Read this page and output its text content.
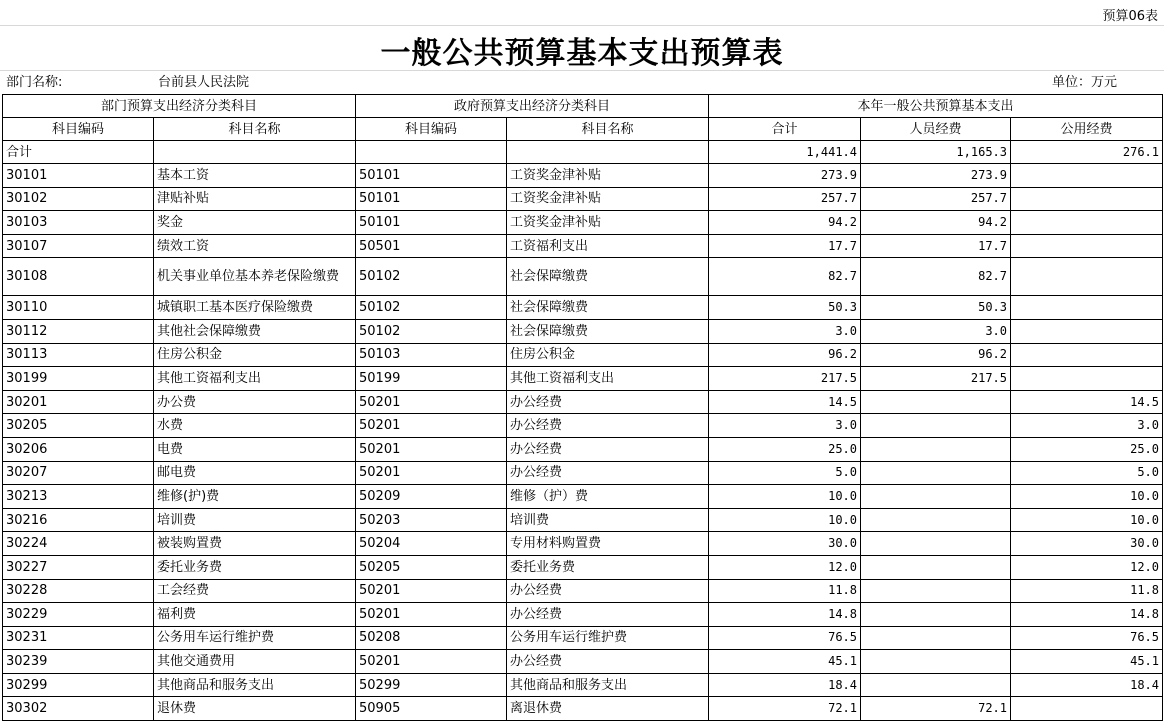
预算06表
一般公共预算基本支出预算表
部门名称:	台前县人民法院	单位：万元
部门预算支出经济分类科目		政府预算支出经济分类科目		本年一般公共预算基本支出		
科目编码	科目名称	科目编码	科目名称	合计	人员经费	公用经费
合计				1,441.4	1,165.3	276.1
30101	基本工资	50101	工资奖金津补贴	273.9	273.9	
30102	津贴补贴	50101	工资奖金津补贴	257.7	257.7	
30103	奖金	50101	工资奖金津补贴	94.2	94.2	
30107	绩效工资	50501	工资福利支出	17.7	17.7	
30108	机关事业单位基本养老保险缴费	50102	社会保障缴费	82.7	82.7	
30110	城镇职工基本医疗保险缴费	50102	社会保障缴费	50.3	50.3	
30112	其他社会保障缴费	50102	社会保障缴费	3.0	3.0	
30113	住房公积金	50103	住房公积金	96.2	96.2	
30199	其他工资福利支出	50199	其他工资福利支出	217.5	217.5	
30201	办公费	50201	办公经费	14.5		14.5
30205	水费	50201	办公经费	3.0		3.0
30206	电费	50201	办公经费	25.0		25.0
30207	邮电费	50201	办公经费	5.0		5.0
30213	维修(护)费	50209	维修（护）费	10.0		10.0
30216	培训费	50203	培训费	10.0		10.0
30224	被装购置费	50204	专用材料购置费	30.0		30.0
30227	委托业务费	50205	委托业务费	12.0		12.0
30228	工会经费	50201	办公经费	11.8		11.8
30229	福利费	50201	办公经费	14.8		14.8
30231	公务用车运行维护费	50208	公务用车运行维护费	76.5		76.5
30239	其他交通费用	50201	办公经费	45.1		45.1
30299	其他商品和服务支出	50299	其他商品和服务支出	18.4		18.4
30302	退休费	50905	离退休费	72.1	72.1	
